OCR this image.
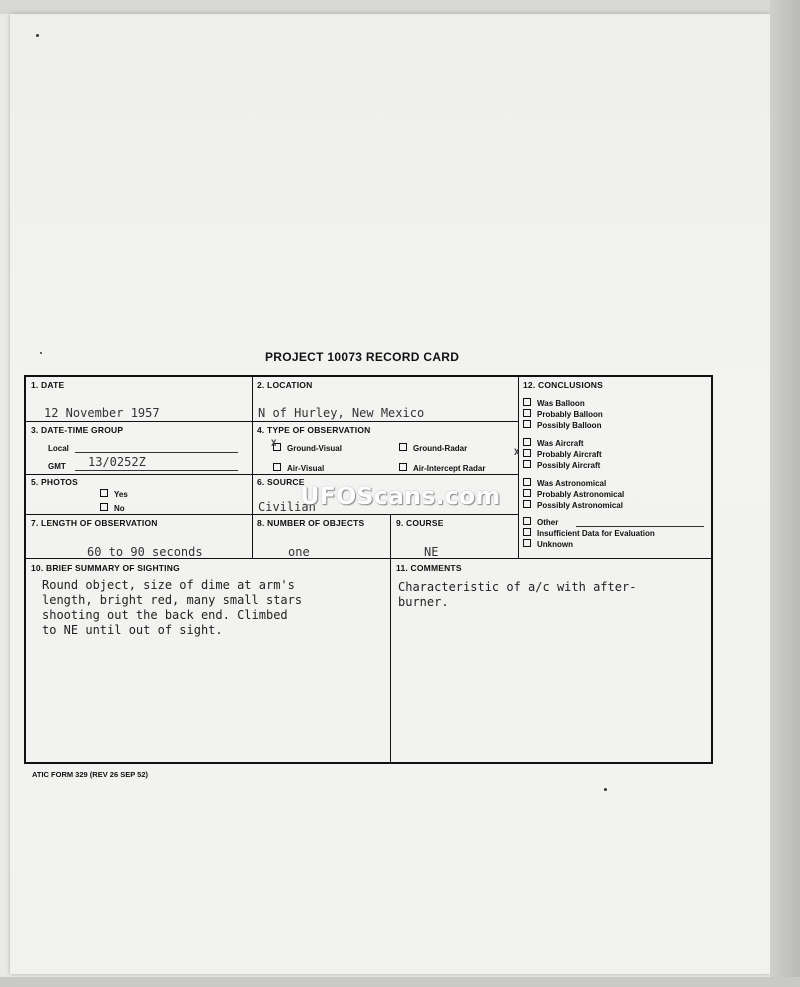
PROJECT 10073 RECORD CARD
1. DATE
12 November 1957
2. LOCATION
N of Hurley, New Mexico
3. DATE-TIME GROUP
Local
GMT 13/0252Z
4. TYPE OF OBSERVATION
X Ground-Visual	Ground-Radar
Air-Visual	Air-Intercept Radar
5. PHOTOS
Yes
No
6. SOURCE
Civilian
7. LENGTH OF OBSERVATION
60 to 90 seconds
8. NUMBER OF OBJECTS
one
9. COURSE
NE
10. BRIEF SUMMARY OF SIGHTING
Round object, size of dime at arm's
length, bright red, many small stars
shooting out the back end. Climbed
to NE until out of sight.
11. COMMENTS
Characteristic of a/c with after-
burner.
12. CONCLUSIONS
Was Balloon
Probably Balloon
Possibly Balloon
Was Aircraft
X Probably Aircraft
Possibly Aircraft
Was Astronomical
Probably Astronomical
Possibly Astronomical
Other
Insufficient Data for Evaluation
Unknown
UFOScans.com
ATIC FORM 329 (REV 26 SEP 52)
